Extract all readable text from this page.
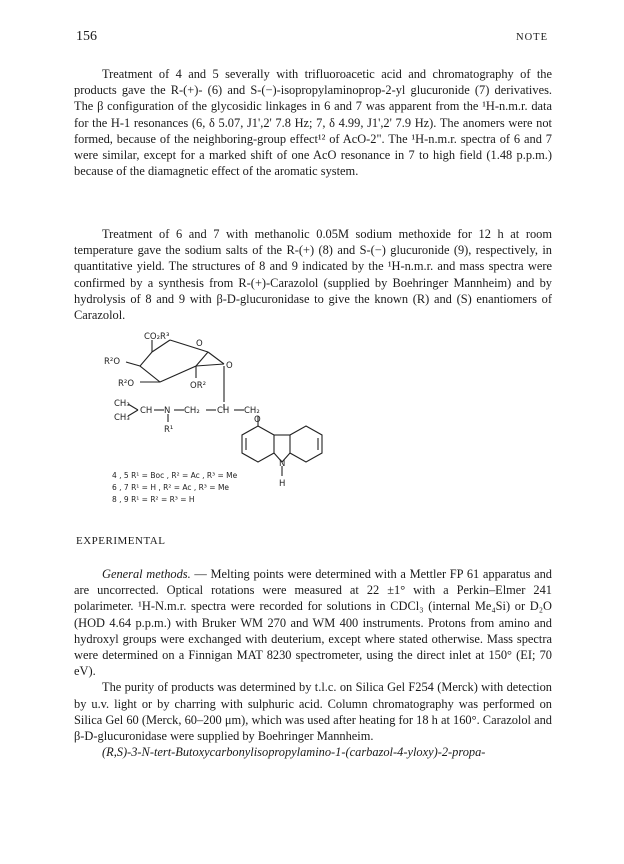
156	NOTE

Treatment of 4 and 5 severally with trifluoroacetic acid and chromatography of the products gave the R-(+)- (6) and S-(−)-isopropylaminoprop-2-yl glucuronide (7) derivatives. The β configuration of the glycosidic linkages in 6 and 7 was apparent from the ¹H-n.m.r. data for the H-1 resonances (6, δ 5.07, J1',2' 7.8 Hz; 7, δ 4.99, J1',2' 7.9 Hz). The anomers were not formed, because of the neighboring-group effect¹² of AcO-2". The ¹H-n.m.r. spectra of 6 and 7 were similar, except for a marked shift of one AcO resonance in 7 to high field (1.48 p.p.m.) because of the diamagnetic effect of the aromatic system.

Treatment of 6 and 7 with methanolic 0.05M sodium methoxide for 12 h at room temperature gave the sodium salts of the R-(+) (8) and S-(−) glucuronide (9), respectively, in quantitative yield. The structures of 8 and 9 indicated by the ¹H-n.m.r. and mass spectra were confirmed by a synthesis from R-(+)-Carazolol (supplied by Boehringer Mannheim) and by hydrolysis of 8 and 9 with β-D-glucuronidase to give the known (R) and (S) enantiomers of Carazolol.

CO₂R³
O
R²O	O
R²O	OR²
CH₃
CH₃
CH N CH₂ CH CH₂
O
R¹
N
H
4 , 5 R¹ = Boc , R² = Ac , R³ = Me
6 , 7 R¹ = H , R² = Ac , R³ = Me
8 , 9 R¹ = R² = R³ = H
EXPERIMENTAL

General methods. — Melting points were determined with a Mettler FP 61 apparatus and are uncorrected. Optical rotations were measured at 22 ±1° with a Perkin–Elmer 241 polarimeter. ¹H-N.m.r. spectra were recorded for solutions in CDCl₃ (internal Me₄Si) or D₂O (HOD 4.64 p.p.m.) with Bruker WM 270 and WM 400 instruments. Protons from amino and hydroxyl groups were exchanged with deuterium, except where stated otherwise. Mass spectra were determined on a Finnigan MAT 8230 spectrometer, using the direct inlet at 150° (EI; 70 eV).

The purity of products was determined by t.l.c. on Silica Gel F254 (Merck) with detection by u.v. light or by charring with sulphuric acid. Column chromatography was performed on Silica Gel 60 (Merck, 60–200 μm), which was used after heating for 18 h at 160°. Carazolol and β-D-glucuronidase were supplied by Boehringer Mannheim.

(R,S)-3-N-tert-Butoxycarbonylisopropylamino-1-(carbazol-4-yloxy)-2-propa-
